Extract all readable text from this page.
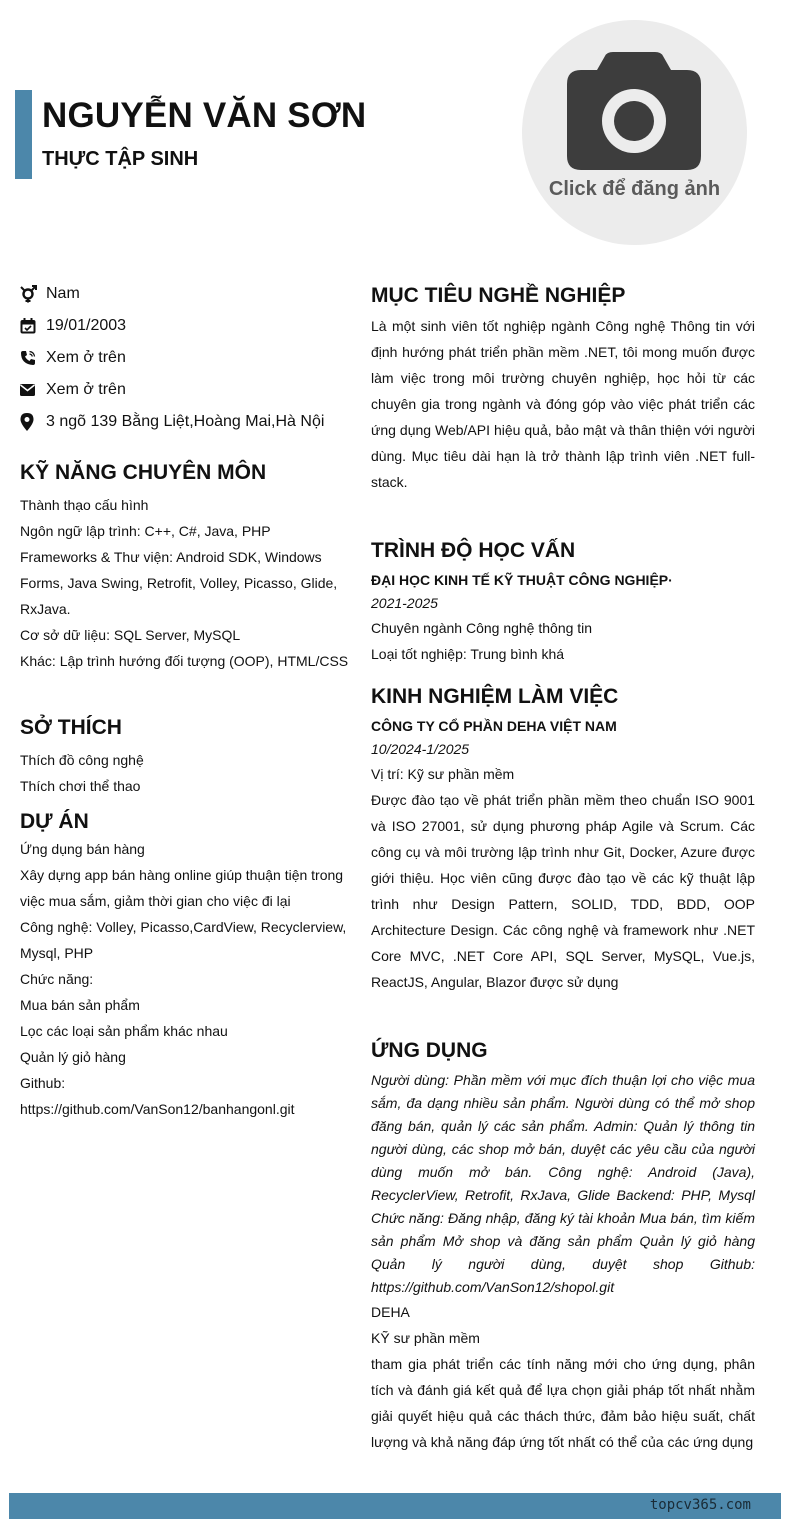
NGUYỄN VĂN SƠN
THỰC TẬP SINH
Click để đăng ảnh
Nam
19/01/2003
Xem ở trên
Xem ở trên
3 ngõ 139 Bằng Liệt,Hoàng Mai,Hà Nội
KỸ NĂNG CHUYÊN MÔN
Thành thạo cấu hình
Ngôn ngữ lập trình: C++, C#, Java, PHP
Frameworks & Thư viện: Android SDK, Windows Forms, Java Swing, Retrofit, Volley, Picasso, Glide, RxJava.
Cơ sở dữ liệu: SQL Server, MySQL
Khác: Lập trình hướng đối tượng (OOP), HTML/CSS
SỞ THÍCH
Thích đồ công nghệ
Thích chơi thể thao
DỰ ÁN
Ứng dụng bán hàng
Xây dựng app bán hàng online giúp thuận tiện trong việc mua sắm, giảm thời gian cho việc đi lại
Công nghệ: Volley, Picasso,CardView, Recyclerview, Mysql, PHP
Chức năng:
Mua bán sản phẩm
Lọc các loại sản phẩm khác nhau
Quản lý giỏ hàng
Github:
https://github.com/VanSon12/banhangonl.git
MỤC TIÊU NGHỀ NGHIỆP
Là một sinh viên tốt nghiệp ngành Công nghệ Thông tin với định hướng phát triển phần mềm .NET, tôi mong muốn được làm việc trong môi trường chuyên nghiệp, học hỏi từ các chuyên gia trong ngành và đóng góp vào việc phát triển các ứng dụng Web/API hiệu quả, bảo mật và thân thiện với người dùng. Mục tiêu dài hạn là trở thành lập trình viên .NET full-stack.
TRÌNH ĐỘ HỌC VẤN
ĐẠI HỌC KINH TẾ KỸ THUẬT CÔNG NGHIỆP·
2021-2025
Chuyên ngành Công nghệ thông tin
Loại tốt nghiệp: Trung bình khá
KINH NGHIỆM LÀM VIỆC
CÔNG TY CỔ PHẦN DEHA VIỆT NAM
10/2024-1/2025
Vị trí: Kỹ sư phần mềm
Được đào tạo về phát triển phần mềm theo chuẩn ISO 9001 và ISO 27001, sử dụng phương pháp Agile và Scrum. Các công cụ và môi trường lập trình như Git, Docker, Azure được giới thiệu. Học viên cũng được đào tạo về các kỹ thuật lập trình như Design Pattern, SOLID, TDD, BDD, OOP Architecture Design. Các công nghệ và framework như .NET Core MVC, .NET Core API, SQL Server, MySQL, Vue.js, ReactJS, Angular, Blazor được sử dụng
ỨNG DỤNG
Người dùng: Phần mềm với mục đích thuận lợi cho việc mua sắm, đa dạng nhiều sản phẩm. Người dùng có thể mở shop đăng bán, quản lý các sản phẩm. Admin: Quản lý thông tin người dùng, các shop mở bán, duyệt các yêu cầu của người dùng muốn mở bán. Công nghệ: Android (Java), RecyclerView, Retrofit, RxJava, Glide Backend: PHP, Mysql Chức năng: Đăng nhập, đăng ký tài khoản Mua bán, tìm kiếm sản phẩm Mở shop và đăng sản phẩm Quản lý giỏ hàng Quản lý người dùng, duyệt shop Github: https://github.com/VanSon12/shopol.git
DEHA
KỸ sư phần mềm
tham gia phát triển các tính năng mới cho ứng dụng, phân tích và đánh giá kết quả để lựa chọn giải pháp tốt nhất nhằm giải quyết hiệu quả các thách thức, đảm bảo hiệu suất, chất lượng và khả năng đáp ứng tốt nhất có thể của các ứng dụng
topcv365.com
